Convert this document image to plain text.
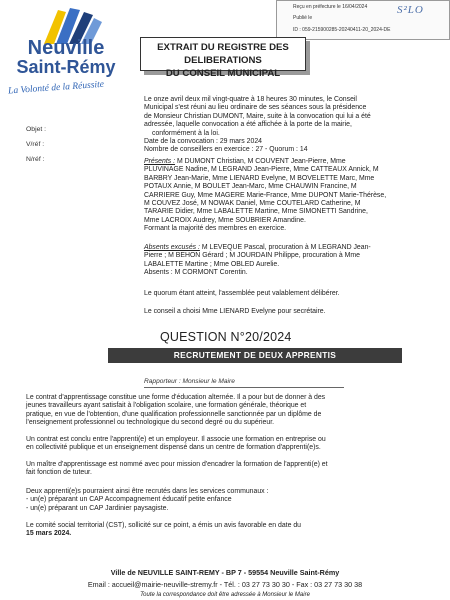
Reçu en préfecture le 16/04/2024
Publié le
ID : 059-215900285-20240411-20_2024-DE
S²LO
Neuville
Saint-Rémy
La Volonté de la Réussite
EXTRAIT DU REGISTRE DES DELIBERATIONS
DU CONSEIL MUNICIPAL
Objet :
V/réf :
N/réf :
Le onze avril deux mil vingt-quatre à 18 heures 30 minutes, le Conseil
Municipal s'est réuni au lieu ordinaire de ses séances sous la présidence
de Monsieur Christian DUMONT, Maire, suite à la convocation qui lui a été
adressée, laquelle convocation a été affichée à la porte de la mairie,
conformément à la loi.
Date de la convocation : 29 mars 2024
Nombre de conseillers en exercice : 27 - Quorum : 14
Présents : M DUMONT Christian, M COUVENT Jean-Pierre, Mme
PLUVINAGE Nadine, M LEGRAND Jean-Pierre, Mme CATTEAUX Annick, M
BARBRY Jean-Marie, Mme LIENARD Evelyne, M BOVELETTE Marc, Mme
POTAUX Annie, M BOULET Jean-Marc, Mme CHAUWIN Francine, M
CARRIERE Guy, Mme MAGERE Marie-France, Mme DUPONT Marie-Thérèse,
M COUVEZ José, M NOWAK Daniel, Mme COUTELARD Catherine, M
TARARIE Didier, Mme LABALETTE Martine, Mme SIMONETTI Sandrine,
Mme LACROIX Audrey, Mme SOUBRIER Amandine.
Formant la majorité des membres en exercice.
Absents excusés : M LEVEQUE Pascal, procuration à M LEGRAND Jean-
Pierre ; M BEHON Gérard ; M JOURDAIN Philippe, procuration à Mme
LABALETTE Martine ; Mme OBLED Aurelie.
Absents : M CORMONT Corentin.
Le quorum étant atteint, l'assemblée peut valablement délibérer.
Le conseil a choisi Mme LIENARD Evelyne pour secrétaire.
QUESTION N°20/2024
RECRUTEMENT DE DEUX APPRENTIS
Rapporteur : Monsieur le Maire
Le contrat d'apprentissage constitue une forme d'éducation alternée. Il a pour but de donner à des
jeunes travailleurs ayant satisfait à l'obligation scolaire, une formation générale, théorique et
pratique, en vue de l'obtention, d'une qualification professionnelle sanctionnée par un diplôme de
l'enseignement professionnel ou technologique du second degré ou du supérieur.
Un contrat est conclu entre l'apprenti(e) et un employeur. Il associe une formation en entreprise ou
en collectivité publique et un enseignement dispensé dans un centre de formation d'apprenti(e)s.
Un maître d'apprentissage est nommé avec pour mission d'encadrer la formation de l'apprenti(e) et
fait fonction de tuteur.
Deux apprenti(e)s pourraient ainsi être recrutés dans les services communaux :
- un(e) préparant un CAP Accompagnement éducatif petite enfance
- un(e) préparant un CAP Jardinier paysagiste.
Le comité social territorial (CST), sollicité sur ce point, a émis un avis favorable en date du
15 mars 2024.
Ville de NEUVILLE SAINT-REMY - BP 7 - 59554 Neuville Saint-Rémy
Email : accueil@mairie-neuville-stremy.fr - Tél. : 03 27 73 30 30 - Fax : 03 27 73 30 38
Toute la correspondance doit être adressée à Monsieur le Maire
